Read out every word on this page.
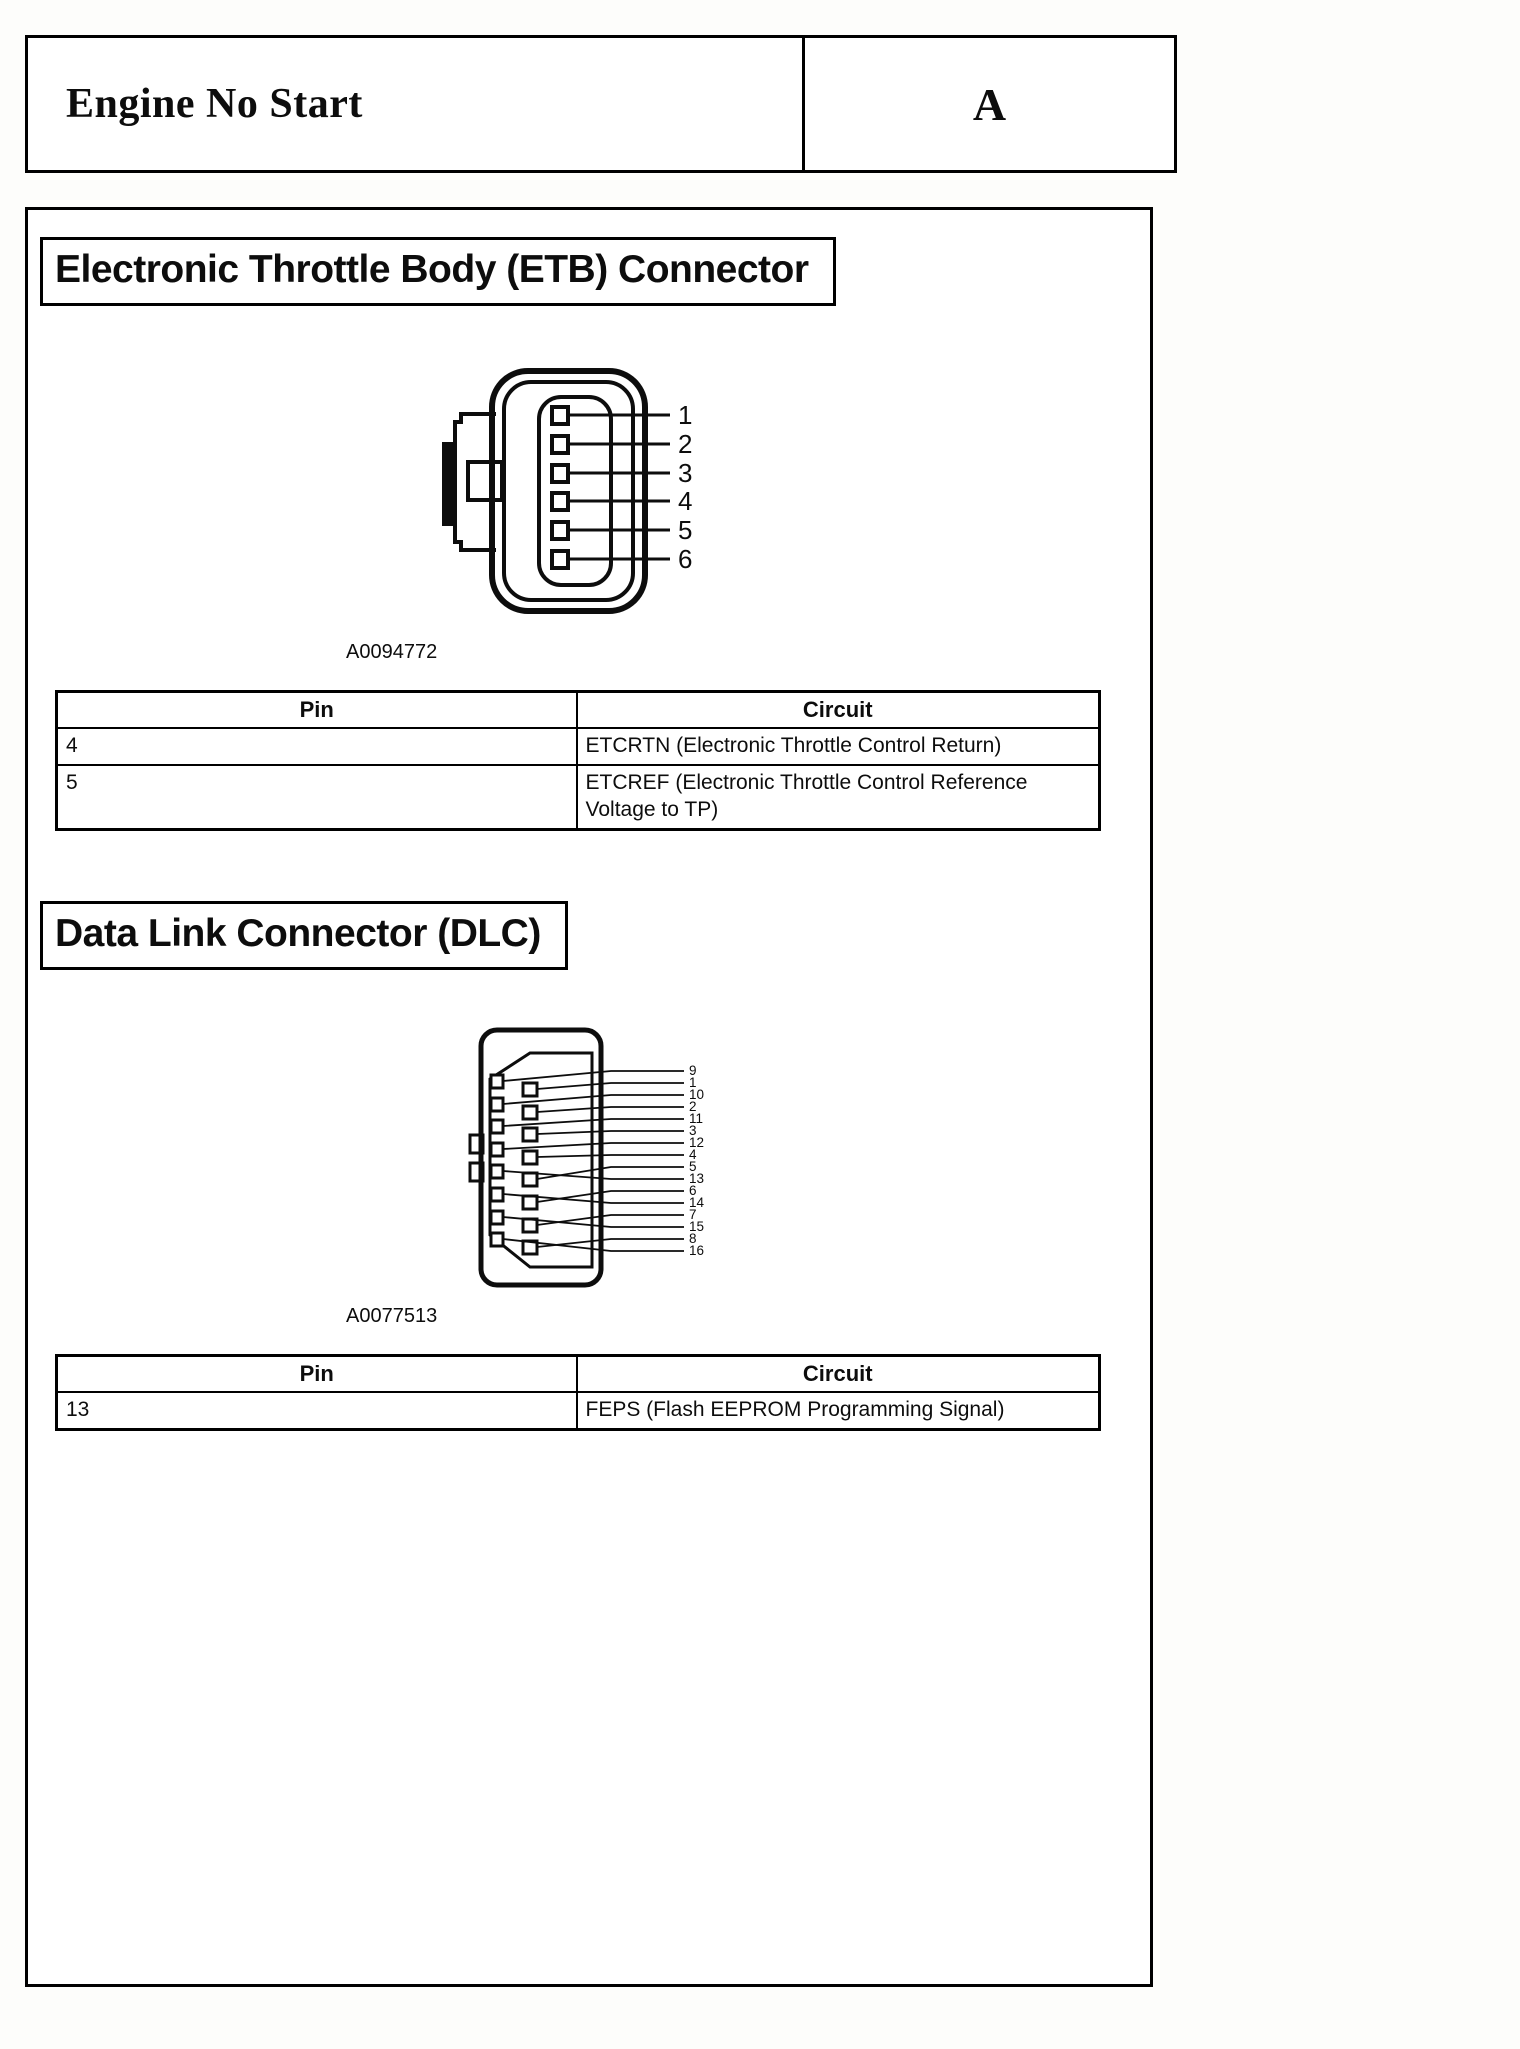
Engine No Start	A
Electronic Throttle Body (ETB) Connector
1
2
3
4
5
6
A0094772
Pin	Circuit
4	ETCRTN (Electronic Throttle Control Return)
5	ETCREF (Electronic Throttle Control Reference Voltage to TP)
Data Link Connector (DLC)
9
1
10
2
11
3
12
4
5
13
6
14
7
15
8
16
A0077513
Pin	Circuit
13	FEPS (Flash EEPROM Programming Signal)
